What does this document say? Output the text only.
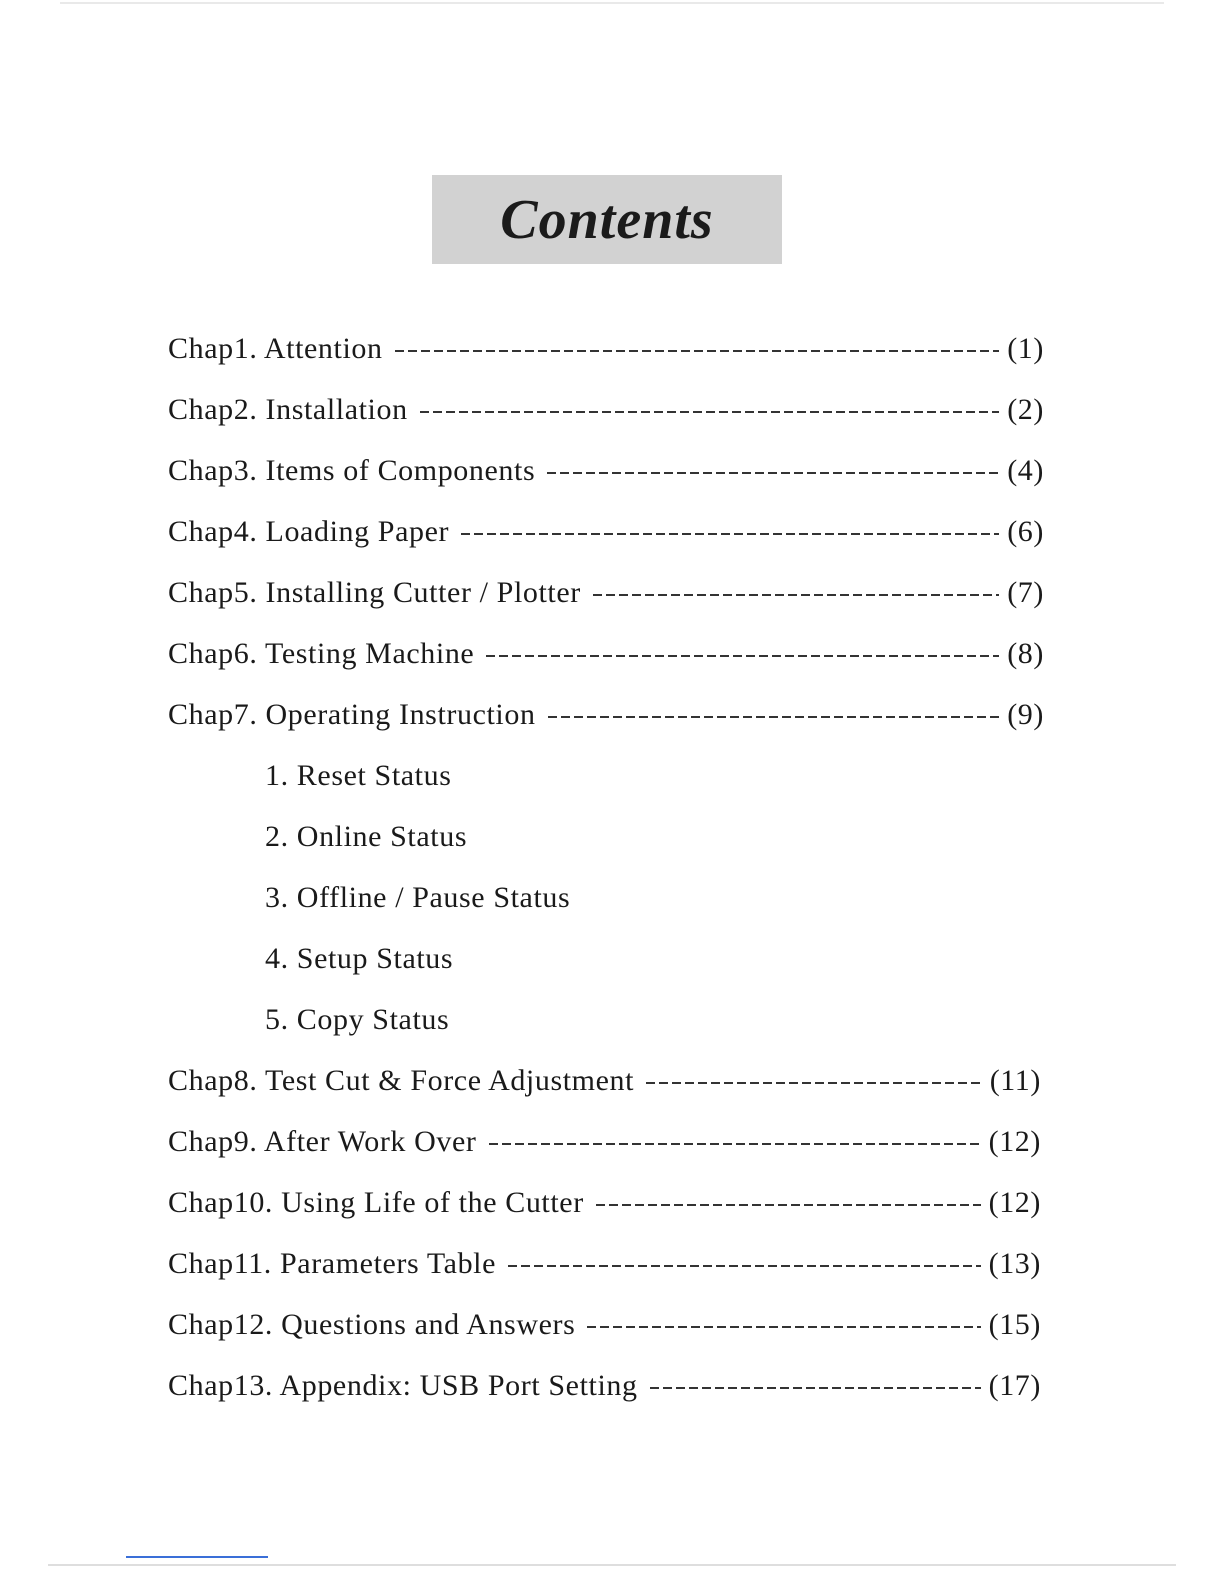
Contents
Chap1. Attention	(1)
Chap2. Installation	(2)
Chap3. Items of Components	(4)
Chap4. Loading Paper	(6)
Chap5. Installing Cutter / Plotter	(7)
Chap6. Testing Machine	(8)
Chap7. Operating Instruction	(9)
1. Reset Status
2. Online Status
3. Offline / Pause Status
4. Setup Status
5. Copy Status
Chap8. Test Cut & Force Adjustment	(11)
Chap9. After Work Over	(12)
Chap10. Using Life of the Cutter	(12)
Chap11. Parameters Table	(13)
Chap12. Questions and Answers	(15)
Chap13. Appendix: USB Port Setting	(17)
